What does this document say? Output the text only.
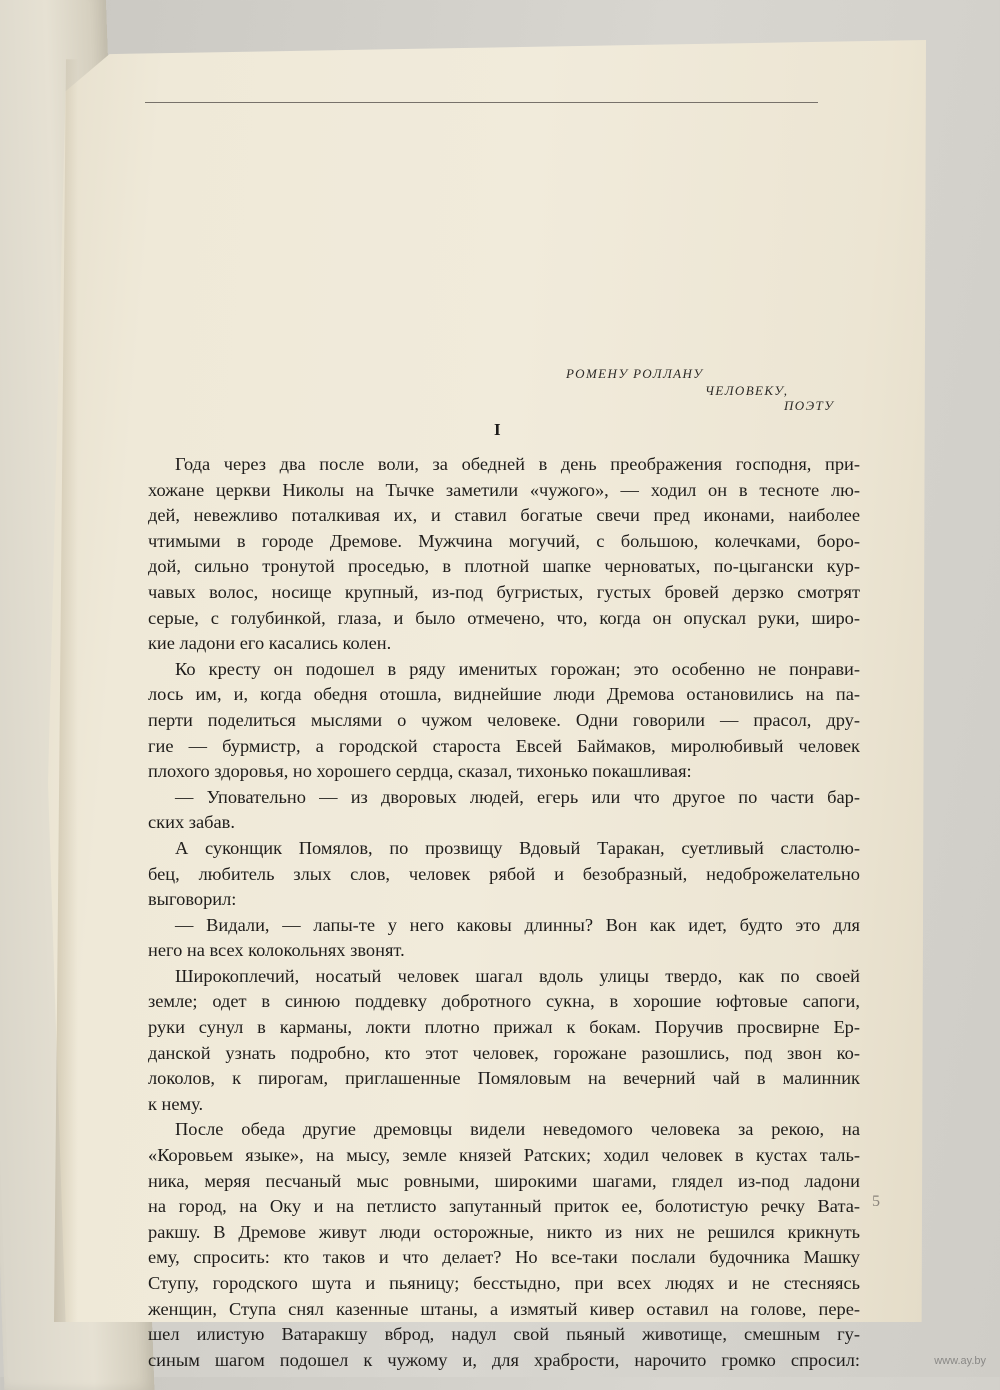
РОМЕНУ РОЛЛАНУ
ЧЕЛОВЕКУ,
ПОЭТУ
I
Года через два после воли, за обедней в день преображения господня, при-
хожане церкви Николы на Тычке заметили «чужого», — ходил он в тесноте лю-
дей, невежливо поталкивая их, и ставил богатые свечи пред иконами, наиболее
чтимыми в городе Дремове. Мужчина могучий, с большою, колечками, боро-
дой, сильно тронутой проседью, в плотной шапке черноватых, по-цыгански кур-
чавых волос, носище крупный, из-под бугристых, густых бровей дерзко смотрят
серые, с голубинкой, глаза, и было отмечено, что, когда он опускал руки, широ-
кие ладони его касались колен.
Ко кресту он подошел в ряду именитых горожан; это особенно не понрави-
лось им, и, когда обедня отошла, виднейшие люди Дремова остановились на па-
перти поделиться мыслями о чужом человеке. Одни говорили — прасол, дру-
гие — бурмистр, а городской староста Евсей Баймаков, миролюбивый человек
плохого здоровья, но хорошего сердца, сказал, тихонько покашливая:
— Уповательно — из дворовых людей, егерь или что другое по части бар-
ских забав.
А суконщик Помялов, по прозвищу Вдовый Таракан, суетливый сластолю-
бец, любитель злых слов, человек рябой и безобразный, недоброжелательно
выговорил:
— Видали, — лапы-те у него каковы длинны? Вон как идет, будто это для
него на всех колокольнях звонят.
Широкоплечий, носатый человек шагал вдоль улицы твердо, как по своей
земле; одет в синюю поддевку добротного сукна, в хорошие юфтовые сапоги,
руки сунул в карманы, локти плотно прижал к бокам. Поручив просвирне Ер-
данской узнать подробно, кто этот человек, горожане разошлись, под звон ко-
локолов, к пирогам, приглашенные Помяловым на вечерний чай в малинник
к нему.
После обеда другие дремовцы видели неведомого человека за рекою, на
«Коровьем языке», на мысу, земле князей Ратских; ходил человек в кустах таль-
ника, меряя песчаный мыс ровными, широкими шагами, глядел из-под ладони
на город, на Оку и на петлисто запутанный приток ее, болотистую речку Вата-
ракшу. В Дремове живут люди осторожные, никто из них не решился крикнуть
ему, спросить: кто таков и что делает? Но все-таки послали будочника Машку
Ступу, городского шута и пьяницу; бесстыдно, при всех людях и не стесняясь
женщин, Ступа снял казенные штаны, а измятый кивер оставил на голове, пере-
шел илистую Ватаракшу вброд, надул свой пьяный животище, смешным гу-
синым шагом подошел к чужому и, для храбрости, нарочито громко спросил:
5
www.ay.by
